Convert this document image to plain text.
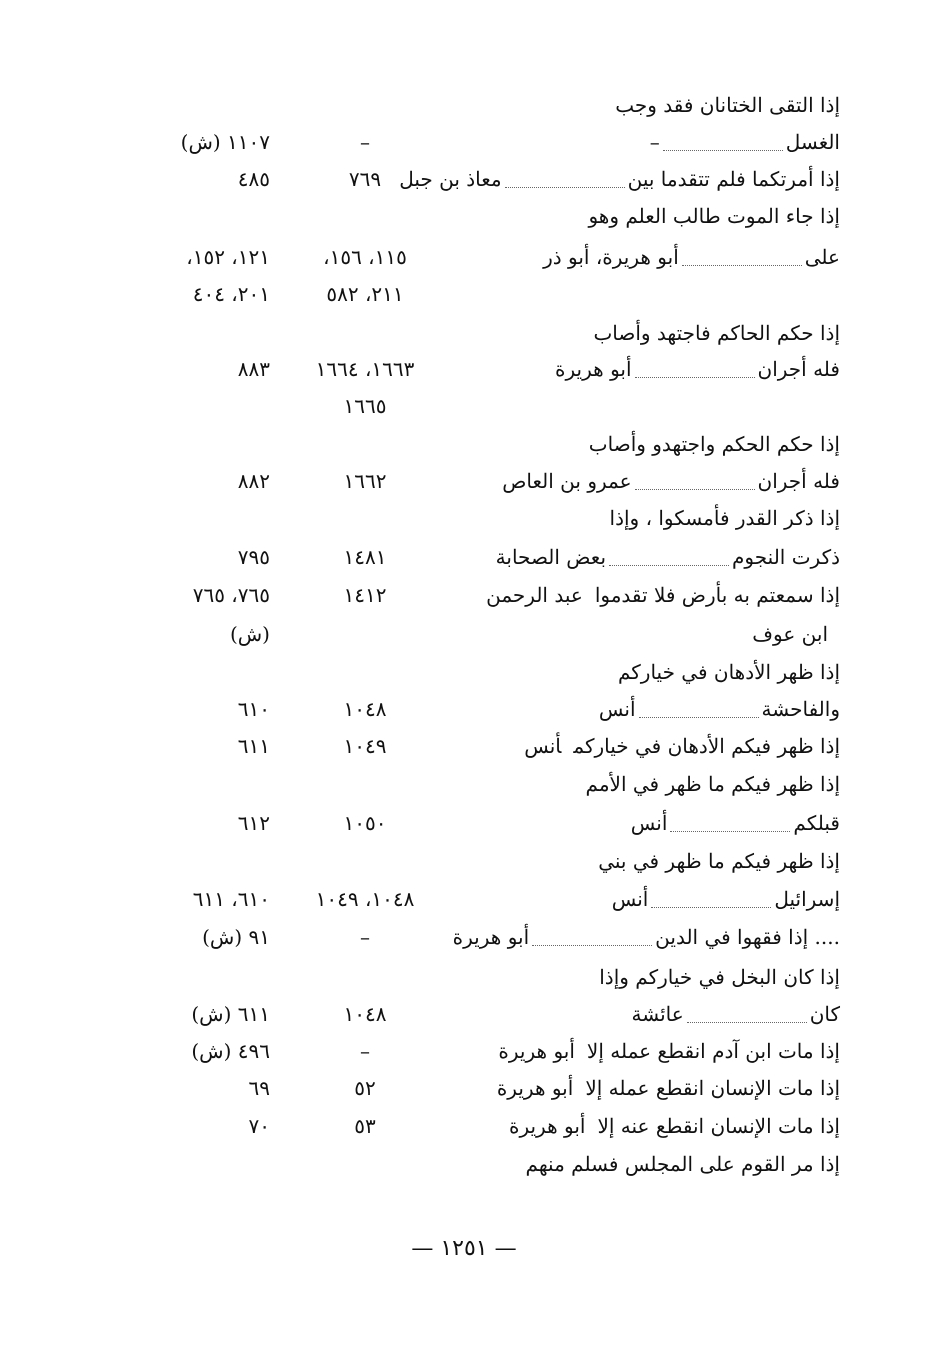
إذا التقى الختانان فقد وجب
الغسل–
–
١١٠٧ (ش)
إذا أمرتكما فلم تتقدما بينمعاذ بن جبل
٧٦٩
٤٨٥
إذا جاء الموت طالب العلم وهو
علىأبو هريرة، أبو ذر
١١٥، ١٥٦،
١٢١، ١٥٢،
٢١١، ٥٨٢
٢٠١، ٤٠٤
إذا حكم الحاكم فاجتهد وأصاب
فله أجرانأبو هريرة
١٦٦٣، ١٦٦٤
٨٨٣
١٦٦٥
إذا حكم الحكم واجتهدو وأصاب
فله أجرانعمرو بن العاص
١٦٦٢
٨٨٢
إذا ذكر القدر فأمسكوا ، وإذا
ذكرت النجومبعض الصحابة
١٤٨١
٧٩٥
إذا سمعتم به بأرض فلا تقدمواعبد الرحمن
١٤١٢
٧٦٥، ٧٦٥
ابن عوف
(ش)
إذا ظهر الأدهان في خياركم
والفاحشةأنس
١٠٤٨
٦١٠
إذا ظهر فيكم الأدهان في خياركمأنس
١٠٤٩
٦١١
إذا ظهر فيكم ما ظهر في الأمم
قبلكمأنس
١٠٥٠
٦١٢
إذا ظهر فيكم ما ظهر في بني
إسرائيلأنس
١٠٤٨، ١٠٤٩
٦١٠، ٦١١
.... إذا فقهوا في الدينأبو هريرة
–
٩١ (ش)
إذا كان البخل في خياركم وإذا
كانعائشة
١٠٤٨
٦١١ (ش)
إذا مات ابن آدم انقطع عمله إلاأبو هريرة
–
٤٩٦ (ش)
إذا مات الإنسان انقطع عمله إلاأبو هريرة
٥٢
٦٩
إذا مات الإنسان انقطع عنه إلاأبو هريرة
٥٣
٧٠
إذا مر القوم على المجلس فسلم منهم
— ١٢٥١ —
